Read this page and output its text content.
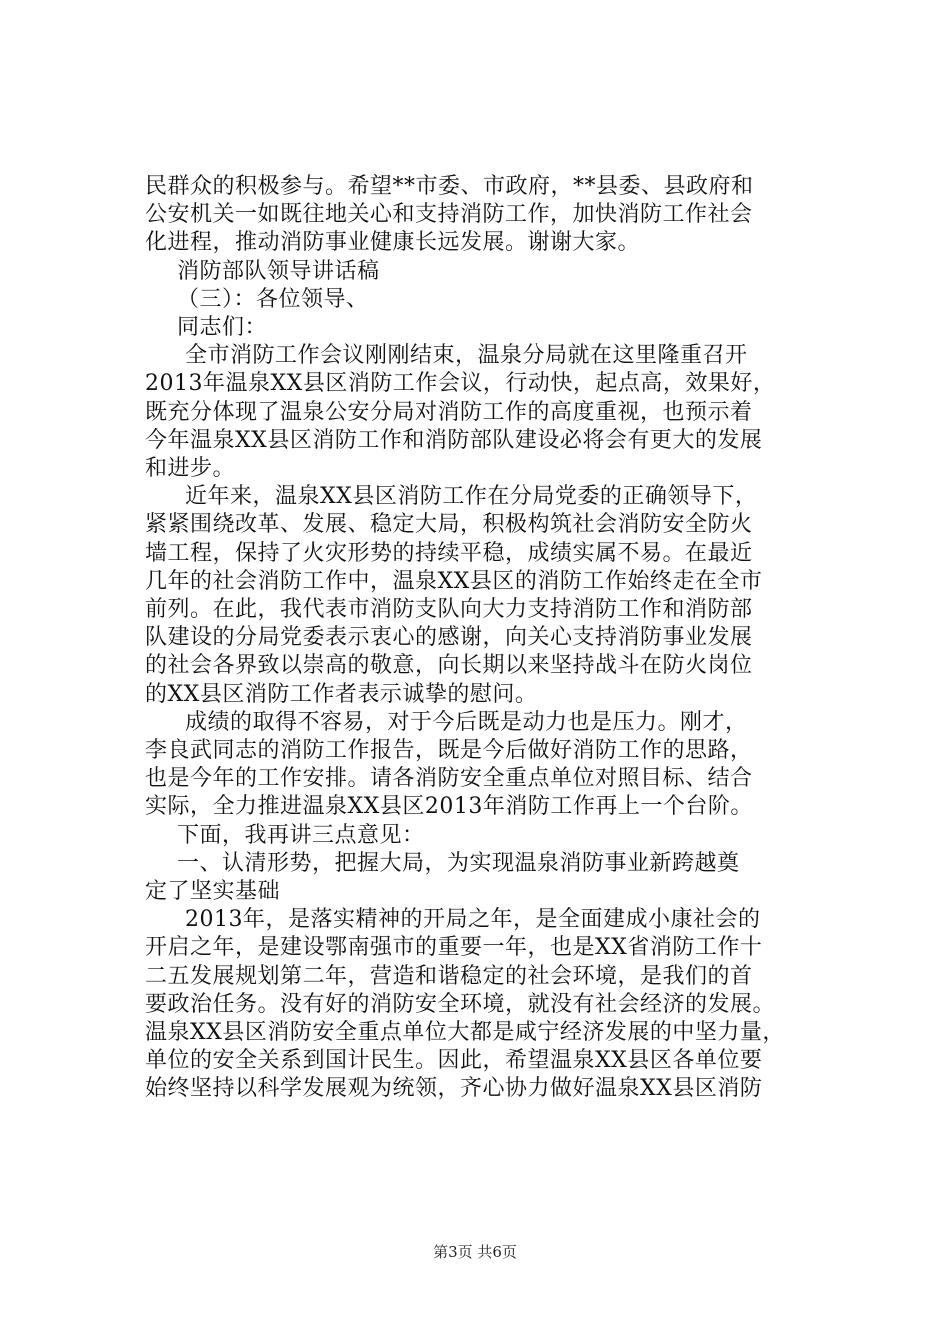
民群众的积极参与。希望**市委、市政府，**县委、县政府和
公安机关一如既往地关心和支持消防工作，加快消防工作社会
化进程，推动消防事业健康长远发展。谢谢大家。
消防部队领导讲话稿
（三）：各位领导、
同志们：
全市消防工作会议刚刚结束，温泉分局就在这里隆重召开
2013年温泉XX县区消防工作会议，行动快，起点高，效果好，
既充分体现了温泉公安分局对消防工作的高度重视，也预示着
今年温泉XX县区消防工作和消防部队建设必将会有更大的发展
和进步。
近年来，温泉XX县区消防工作在分局党委的正确领导下，
紧紧围绕改革、发展、稳定大局，积极构筑社会消防安全防火
墙工程，保持了火灾形势的持续平稳，成绩实属不易。在最近
几年的社会消防工作中，温泉XX县区的消防工作始终走在全市
前列。在此，我代表市消防支队向大力支持消防工作和消防部
队建设的分局党委表示衷心的感谢，向关心支持消防事业发展
的社会各界致以崇高的敬意，向长期以来坚持战斗在防火岗位
的XX县区消防工作者表示诚挚的慰问。
成绩的取得不容易，对于今后既是动力也是压力。刚才，
李良武同志的消防工作报告，既是今后做好消防工作的思路，
也是今年的工作安排。请各消防安全重点单位对照目标、结合
实际，全力推进温泉XX县区2013年消防工作再上一个台阶。
下面，我再讲三点意见：
一、认清形势，把握大局，为实现温泉消防事业新跨越奠
定了坚实基础
2013年，是落实精神的开局之年，是全面建成小康社会的
开启之年，是建设鄂南强市的重要一年，也是XX省消防工作十
二五发展规划第二年，营造和谐稳定的社会环境，是我们的首
要政治任务。没有好的消防安全环境，就没有社会经济的发展。
温泉XX县区消防安全重点单位大都是咸宁经济发展的中坚力量，
单位的安全关系到国计民生。因此，希望温泉XX县区各单位要
始终坚持以科学发展观为统领，齐心协力做好温泉XX县区消防
第3页 共6页
